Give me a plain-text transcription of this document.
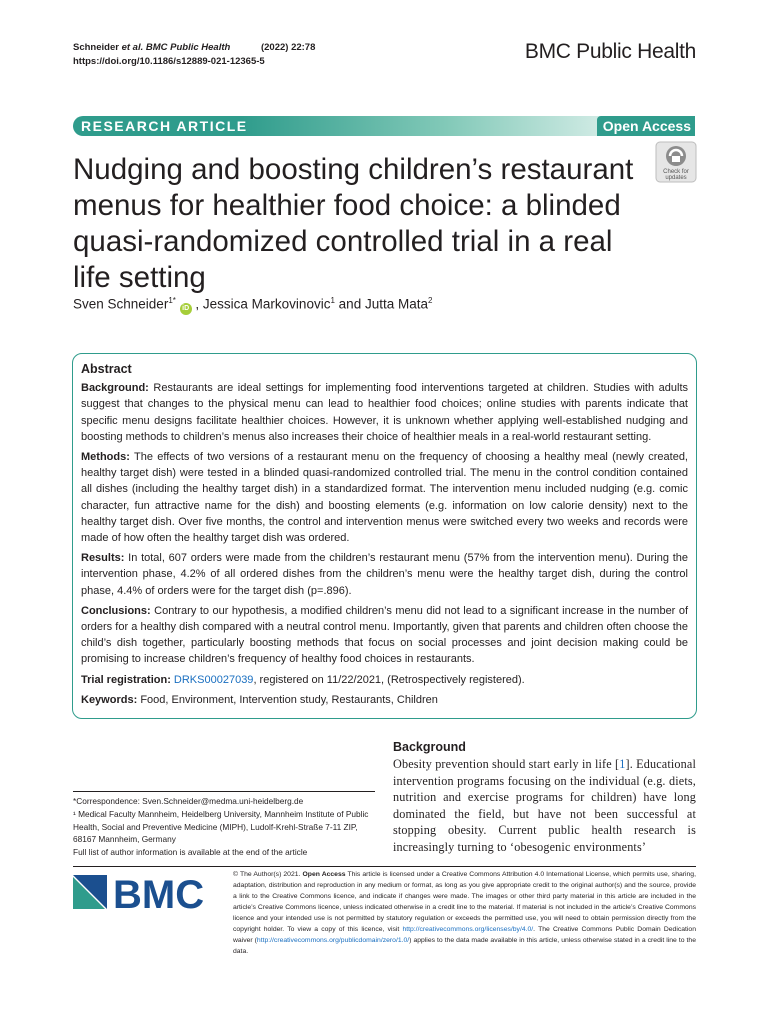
Schneider et al. BMC Public Health	(2022) 22:78
https://doi.org/10.1186/s12889-021-12365-5	BMC Public Health
RESEARCH ARTICLE	Open Access
Nudging and boosting children’s restaurant menus for healthier food choice: a blinded quasi-randomized controlled trial in a real life setting
Check for
updates
Sven Schneider$^{1*}$ iD , Jessica Markovinovic$^1$ and Jutta Mata$^2$
Abstract

Background: Restaurants are ideal settings for implementing food interventions targeted at children. Studies with adults suggest that changes to the physical menu can lead to healthier food choices; online studies with parents indicate that specific menu designs facilitate healthier choices. However, it is unknown whether applying well-established nudging and boosting methods to children’s menus also increases their choice of healthier meals in a real-world restaurant setting.

Methods: The effects of two versions of a restaurant menu on the frequency of choosing a healthy meal (newly created, healthy target dish) were tested in a blinded quasi-randomized controlled trial. The menu in the control condition contained all dishes (including the healthy target dish) in a standardized format. The intervention menu included nudging (e.g. comic character, fun attractive name for the dish) and boosting elements (e.g. information on low calorie density) next to the healthy target dish. Over five months, the control and intervention menus were switched every two weeks and records were made of how often the healthy target dish was ordered.

Results: In total, 607 orders were made from the children’s restaurant menu (57% from the intervention menu). During the intervention phase, 4.2% of all ordered dishes from the children’s menu were the healthy target dish, during the control phase, 4.4% of orders were for the target dish (p=.896).

Conclusions: Contrary to our hypothesis, a modified children’s menu did not lead to a significant increase in the number of orders for a healthy dish compared with a neutral control menu. Importantly, given that parents and children often choose the child’s dish together, particularly boosting methods that focus on social processes and joint decision making could be promising to increase children’s frequency of healthy food choices in restaurants.

Trial registration: DRKS00027039, registered on 11/22/2021, (Retrospectively registered).

Keywords: Food, Environment, Intervention study, Restaurants, Children

Background
Obesity prevention should start early in life [1]. Educational intervention programs focusing on the individual (e.g. diets, nutrition and exercise programs for children) have long dominated the field, but have not been successful at stopping obesity. Current public health research is increasingly turning to ‘obesogenic environments’
*Correspondence: Sven.Schneider@medma.uni-heidelberg.de
¹ Medical Faculty Mannheim, Heidelberg University, Mannheim Institute of Public Health, Social and Preventive Medicine (MIPH), Ludolf-Krehl-Straße 7-11 ZIP, 68167 Mannheim, Germany
Full list of author information is available at the end of the article
BMC	© The Author(s) 2021. Open Access This article is licensed under a Creative Commons Attribution 4.0 International License, which permits use, sharing, adaptation, distribution and reproduction in any medium or format, as long as you give appropriate credit to the original author(s) and the source, provide a link to the Creative Commons licence, and indicate if changes were made. The images or other third party material in this article are included in the article’s Creative Commons licence, unless indicated otherwise in a credit line to the material. If material is not included in the article’s Creative Commons licence and your intended use is not permitted by statutory regulation or exceeds the permitted use, you will need to obtain permission directly from the copyright holder. To view a copy of this licence, visit http://creativecommons.org/licenses/by/4.0/. The Creative Commons Public Domain Dedication waiver (http://creativecommons.org/publicdomain/zero/1.0/) applies to the data made available in this article, unless otherwise stated in a credit line to the data.
